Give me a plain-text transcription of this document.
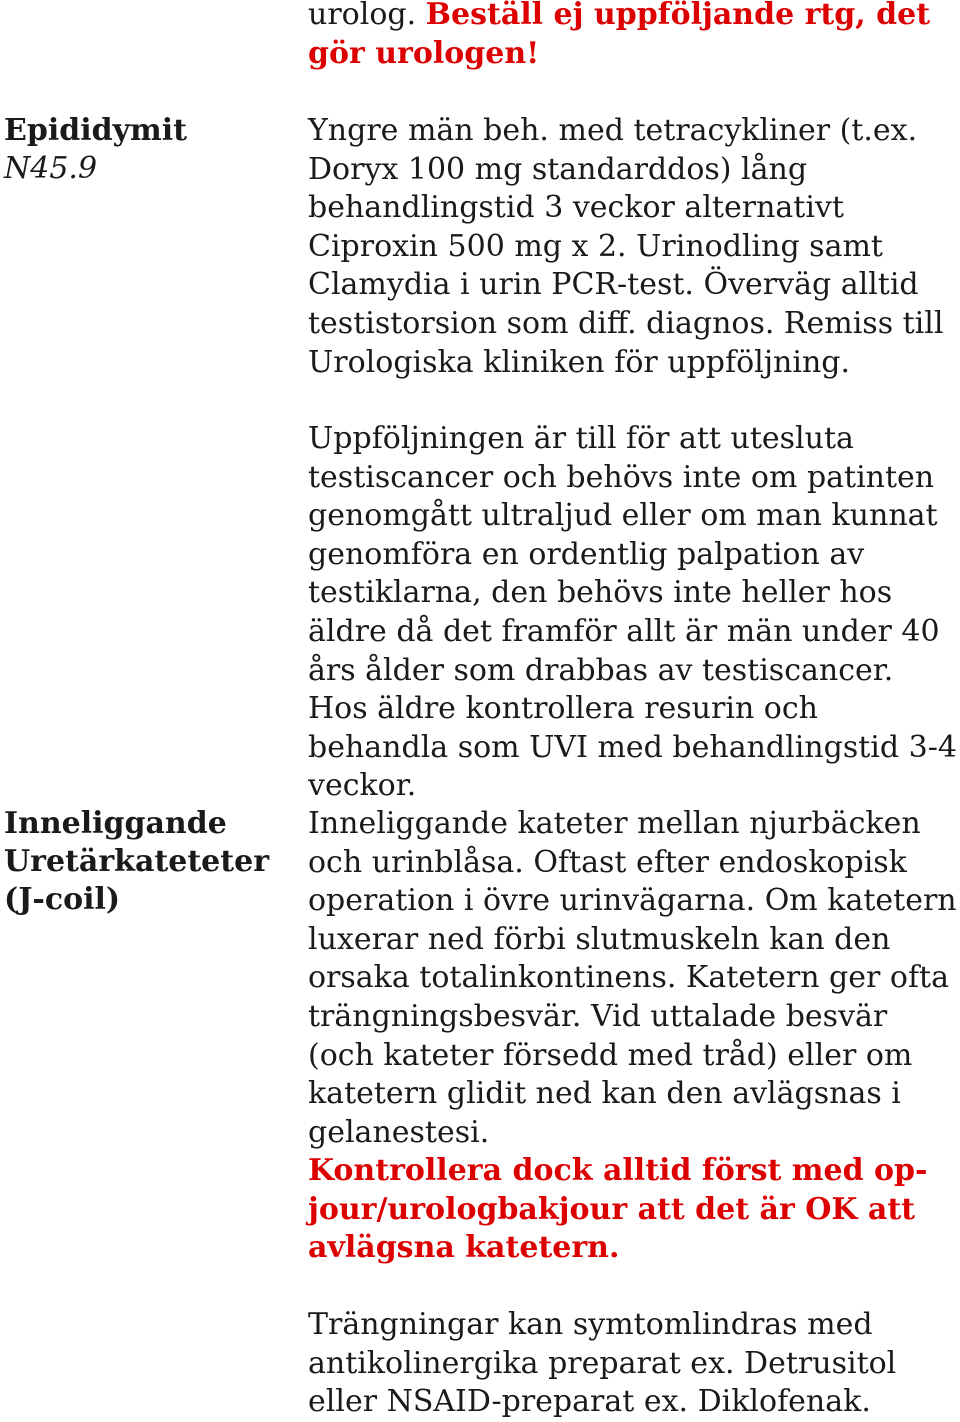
urolog. Beställ ej uppföljande rtg, det gör urologen!
Epididymit
N45.9

Yngre män beh. med tetracykliner (t.ex. Doryx 100 mg standarddos) lång behandlingstid 3 veckor alternativt Ciproxin 500 mg x 2. Urinodling samt Clamydia i urin PCR-test. Överväg alltid testistorsion som diff. diagnos. Remiss till Urologiska kliniken för uppföljning.

Uppföljningen är till för att utesluta testiscancer och behövs inte om patinten genomgått ultraljud eller om man kunnat genomföra en ordentlig palpation av testiklarna, den behövs inte heller hos äldre då det framför allt är män under 40 års ålder som drabbas av testiscancer. Hos äldre kontrollera resurin och behandla som UVI med behandlingstid 3-4 veckor.

Inneliggande
Uretärkateteter
(J-coil)

Inneliggande kateter mellan njurbäcken och urinblåsa. Oftast efter endoskopisk operation i övre urinvägarna. Om katetern luxerar ned förbi slutmuskeln kan den orsaka totalinkontinens. Katetern ger ofta trängningsbesvär. Vid uttalade besvär (och kateter försedd med tråd) eller om katetern glidit ned kan den avlägsnas i gelanestesi.

Kontrollera dock alltid först med op-jour/urologbakjour att det är OK att avlägsna katetern.

Trängningar kan symtomlindras med antikolinergika preparat ex. Detrusitol eller NSAID-preparat ex. Diklofenak.
